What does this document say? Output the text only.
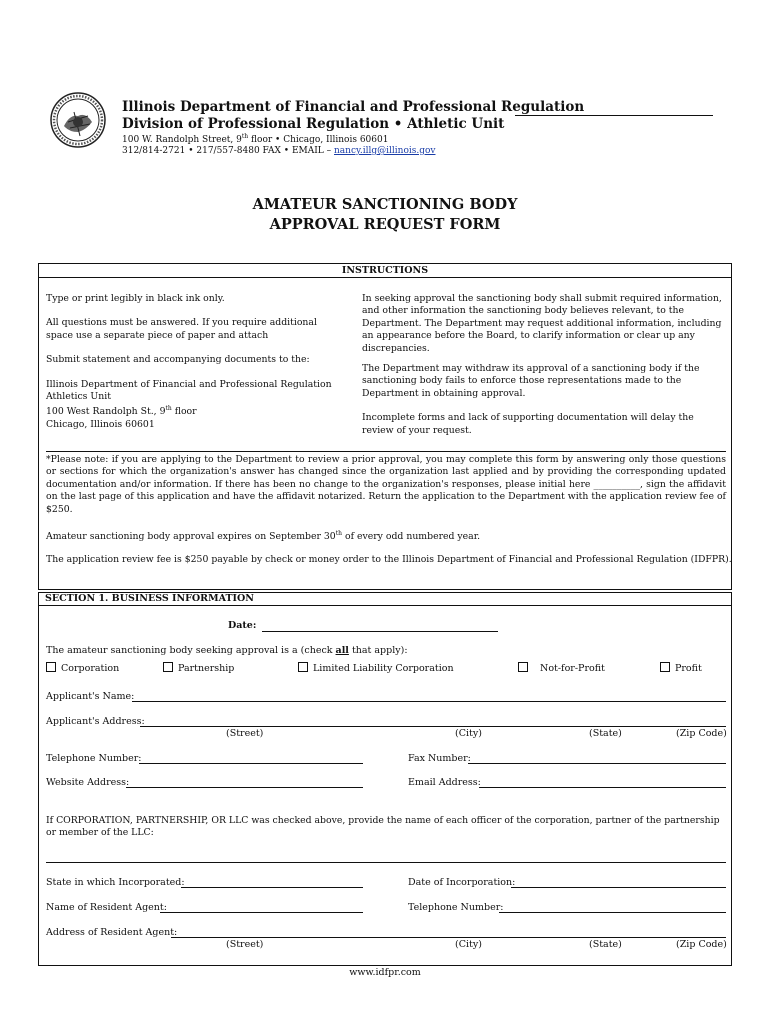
Illinois Department of Financial and Professional Regulation
Division of Professional Regulation • Athletic Unit
100 W. Randolph Street, 9th floor • Chicago, Illinois 60601
312/814-2721 • 217/557-8480 FAX • EMAIL – nancy.illg@illinois.gov
AMATEUR SANCTIONING BODY
APPROVAL REQUEST FORM
INSTRUCTIONS
Type or print legibly in black ink only.
All questions must be answered. If you require additional space use a separate piece of paper and attach
Submit statement and accompanying documents to the:
Illinois Department of Financial and Professional Regulation
Athletics Unit
100 West Randolph St., 9th floor
Chicago, Illinois 60601
In seeking approval the sanctioning body shall submit required information, and other information the sanctioning body believes relevant, to the Department. The Department may request additional information, including an appearance before the Board, to clarify information or clear up any discrepancies.
The Department may withdraw its approval of a sanctioning body if the sanctioning body fails to enforce those representations made to the Department in obtaining approval.
Incomplete forms and lack of supporting documentation will delay the review of your request.
*Please note: if you are applying to the Department to review a prior approval, you may complete this form by answering only those questions or sections for which the organization's answer has changed since the organization last applied and by providing the corresponding updated documentation and/or information. If there has been no change to the organization's responses, please initial here __________, sign the affidavit on the last page of this application and have the affidavit notarized. Return the application to the Department with the application review fee of $250.
Amateur sanctioning body approval expires on September 30th of every odd numbered year.
The application review fee is $250 payable by check or money order to the Illinois Department of Financial and Professional Regulation (IDFPR).
SECTION 1. BUSINESS INFORMATION
Date:
The amateur sanctioning body seeking approval is a (check all that apply):
Corporation	Partnership	Limited Liability Corporation	Not-for-Profit	Profit
Applicant's Name:
Applicant's Address:
(Street)	(City)	(State)	(Zip Code)
Telephone Number:	Fax Number:
Website Address:	Email Address:
If CORPORATION, PARTNERSHIP, OR LLC was checked above, provide the name of each officer of the corporation, partner of the partnership or member of the LLC:
State in which Incorporated:	Date of Incorporation:
Name of Resident Agent:	Telephone Number:
Address of Resident Agent:
(Street)	(City)	(State)	(Zip Code)
www.idfpr.com
